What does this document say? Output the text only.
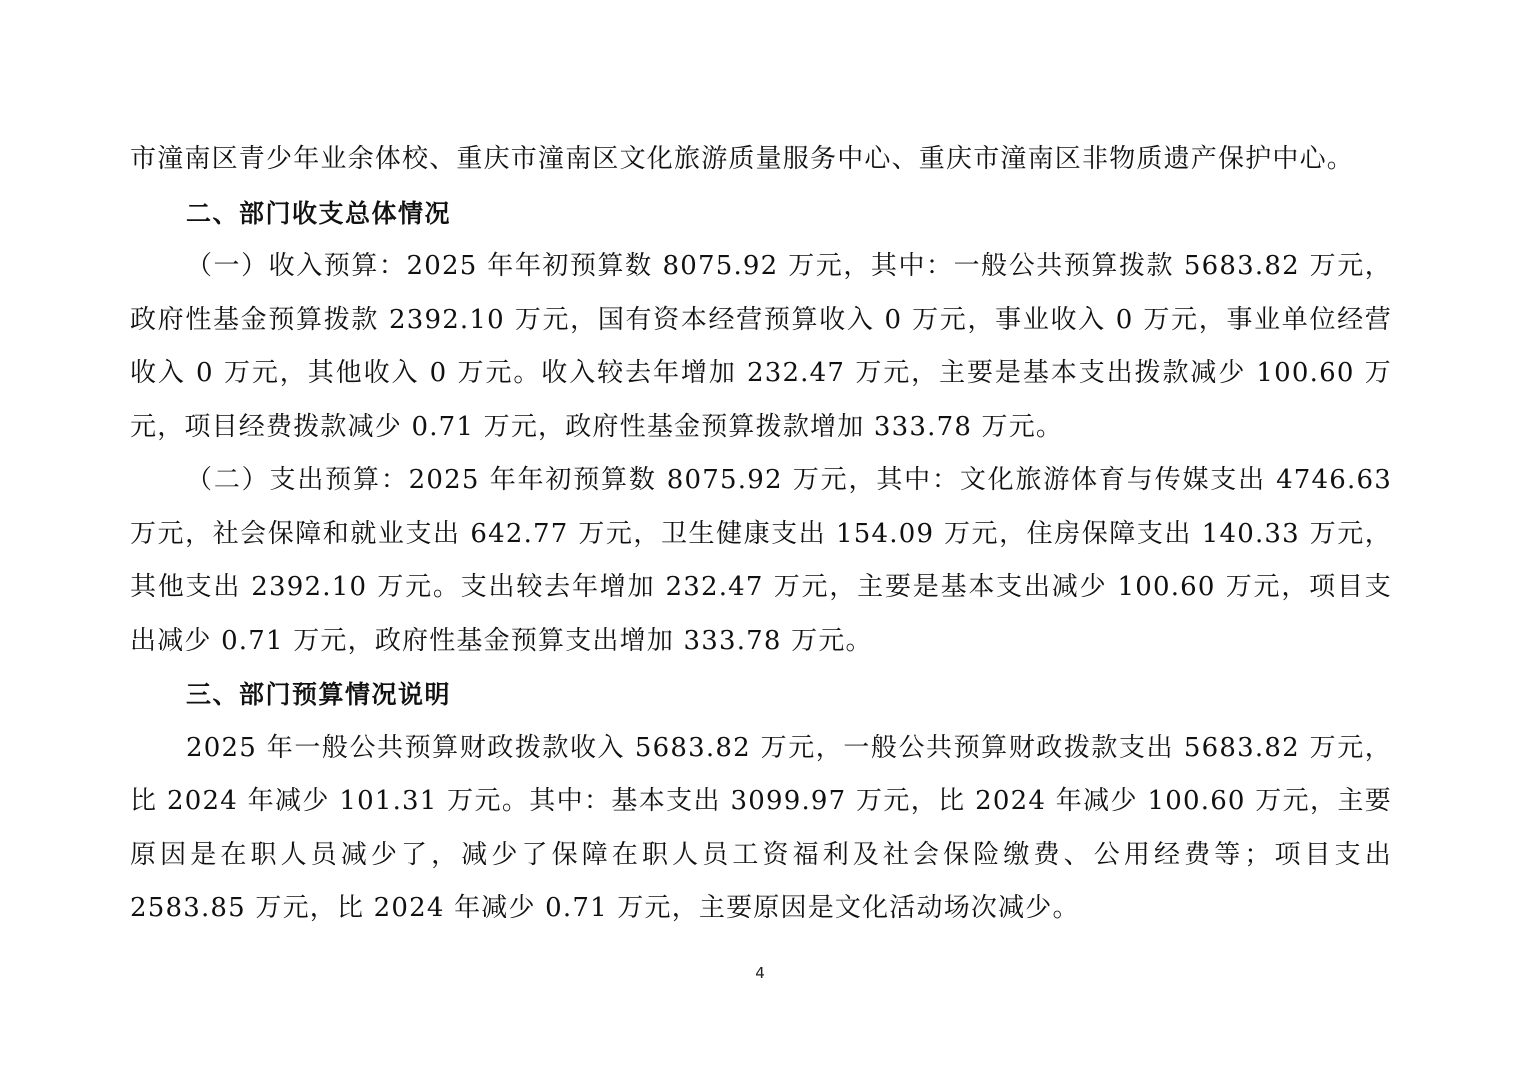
市潼南区青少年业余体校、重庆市潼南区文化旅游质量服务中心、重庆市潼南区非物质遗产保护中心。

二、部门收支总体情况

（一）收入预算：2025 年年初预算数 8075.92 万元，其中：一般公共预算拨款 5683.82 万元，政府性基金预算拨款 2392.10 万元，国有资本经营预算收入 0 万元，事业收入 0 万元，事业单位经营收入 0 万元，其他收入 0 万元。收入较去年增加 232.47 万元，主要是基本支出拨款减少 100.60 万元，项目经费拨款减少 0.71 万元，政府性基金预算拨款增加 333.78 万元。

（二）支出预算：2025 年年初预算数 8075.92 万元，其中：文化旅游体育与传媒支出 4746.63 万元，社会保障和就业支出 642.77 万元，卫生健康支出 154.09 万元，住房保障支出 140.33 万元，其他支出 2392.10 万元。支出较去年增加 232.47 万元，主要是基本支出减少 100.60 万元，项目支出减少 0.71 万元，政府性基金预算支出增加 333.78 万元。

三、部门预算情况说明

2025 年一般公共预算财政拨款收入 5683.82 万元，一般公共预算财政拨款支出 5683.82 万元，比 2024 年减少 101.31 万元。其中：基本支出 3099.97 万元，比 2024 年减少 100.60 万元，主要原因是在职人员减少了，减少了保障在职人员工资福利及社会保险缴费、公用经费等；项目支出 2583.85 万元，比 2024 年减少 0.71 万元，主要原因是文化活动场次减少。

4
